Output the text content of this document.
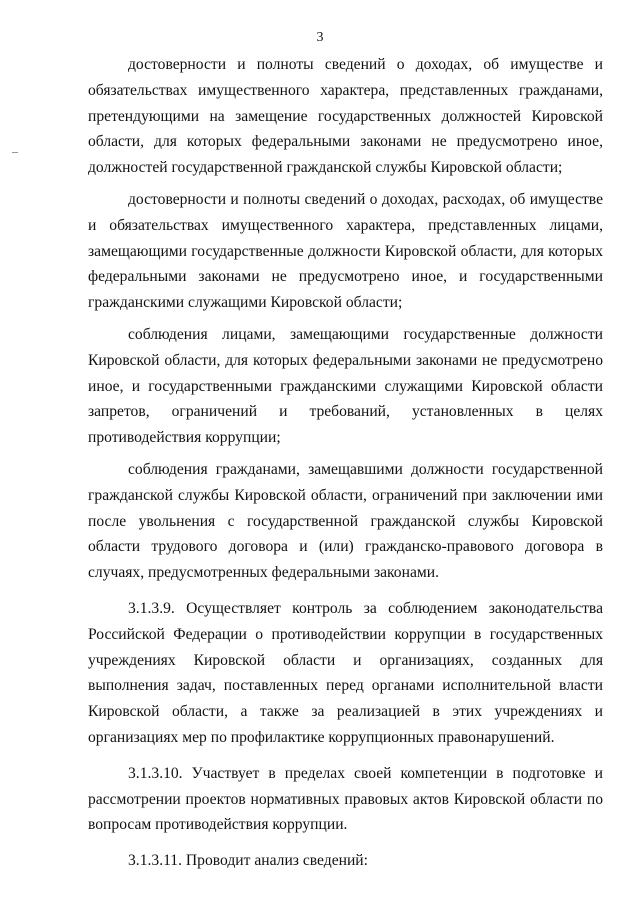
3

достоверности и полноты сведений о доходах, об имуществе и обязательствах имущественного характера, представленных гражданами, претендующими на замещение государственных должностей Кировской области, для которых федеральными законами не предусмотрено иное, должностей государственной гражданской службы Кировской области;

достоверности и полноты сведений о доходах, расходах, об имуществе и обязательствах имущественного характера, представленных лицами, замещающими государственные должности Кировской области, для которых федеральными законами не предусмотрено иное, и государственными гражданскими служащими Кировской области;

соблюдения лицами, замещающими государственные должности Кировской области, для которых федеральными законами не предусмотрено иное, и государственными гражданскими служащими Кировской области запретов, ограничений и требований, установленных в целях противодействия коррупции;

соблюдения гражданами, замещавшими должности государственной гражданской службы Кировской области, ограничений при заключении ими после увольнения с государственной гражданской службы Кировской области трудового договора и (или) гражданско-правового договора в случаях, предусмотренных федеральными законами.

3.1.3.9. Осуществляет контроль за соблюдением законодательства Российской Федерации о противодействии коррупции в государственных учреждениях Кировской области и организациях, созданных для выполнения задач, поставленных перед органами исполнительной власти Кировской области, а также за реализацией в этих учреждениях и организациях мер по профилактике коррупционных правонарушений.

3.1.3.10. Участвует в пределах своей компетенции в подготовке и рассмотрении проектов нормативных правовых актов Кировской области по вопросам противодействия коррупции.

3.1.3.11. Проводит анализ сведений:
